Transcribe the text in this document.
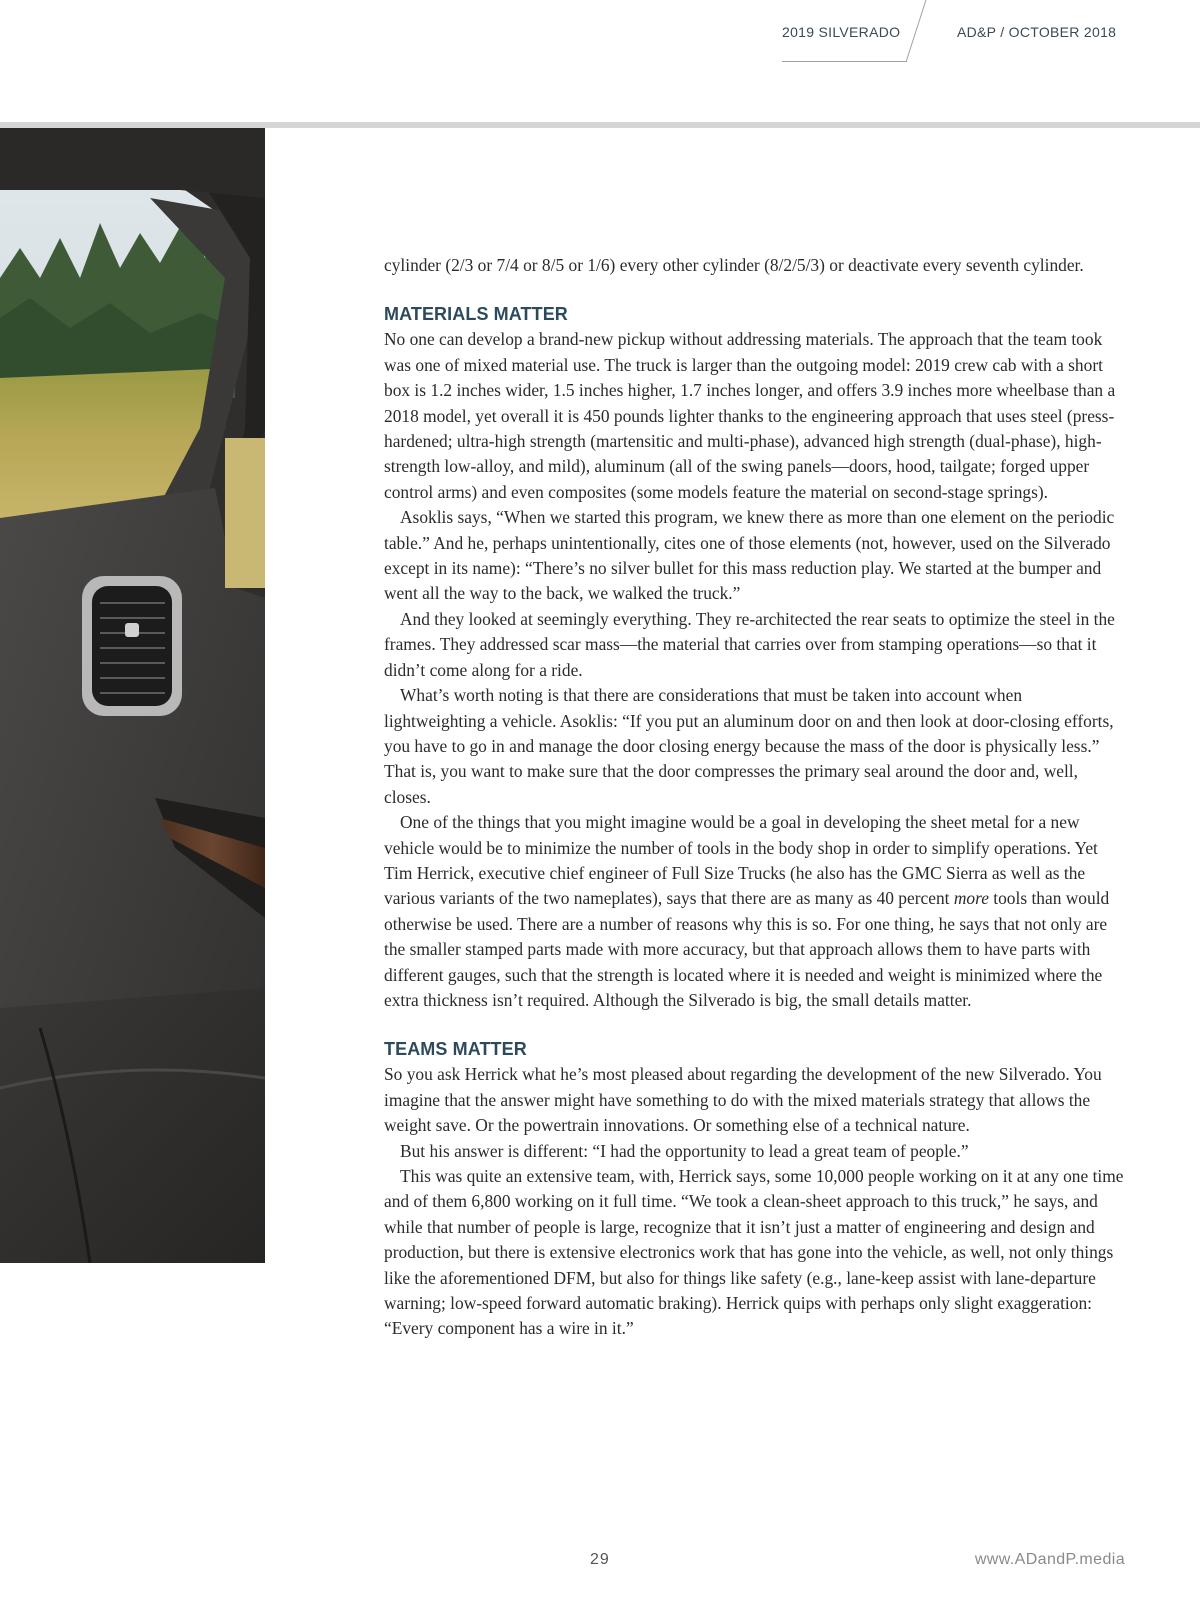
2019 SILVERADO	AD&P / OCTOBER 2018

cylinder (2/3 or 7/4 or 8/5 or 1/6) every other cylinder (8/2/5/3) or deactivate every seventh cylinder.

MATERIALS MATTER

No one can develop a brand-new pickup without addressing materials. The approach that the team took was one of mixed material use. The truck is larger than the outgoing model: 2019 crew cab with a short box is 1.2 inches wider, 1.5 inches higher, 1.7 inches longer, and offers 3.9 inches more wheelbase than a 2018 model, yet overall it is 450 pounds lighter thanks to the engineering approach that uses steel (press-hardened; ultra-high strength (martensitic and multi-phase), advanced high strength (dual-phase), high-strength low-alloy, and mild), aluminum (all of the swing panels—doors, hood, tailgate; forged upper control arms) and even composites (some models feature the material on second-stage springs).

Asoklis says, “When we started this program, we knew there as more than one element on the periodic table.” And he, perhaps unintentionally, cites one of those elements (not, however, used on the Silverado except in its name): “There’s no silver bullet for this mass reduction play. We started at the bumper and went all the way to the back, we walked the truck.”

And they looked at seemingly everything. They re-architected the rear seats to optimize the steel in the frames. They addressed scar mass—the material that carries over from stamping operations—so that it didn’t come along for a ride.

What’s worth noting is that there are considerations that must be taken into account when lightweighting a vehicle. Asoklis: “If you put an aluminum door on and then look at door-closing efforts, you have to go in and manage the door closing energy because the mass of the door is physically less.” That is, you want to make sure that the door compresses the primary seal around the door and, well, closes.

One of the things that you might imagine would be a goal in developing the sheet metal for a new vehicle would be to minimize the number of tools in the body shop in order to simplify operations. Yet Tim Herrick, executive chief engineer of Full Size Trucks (he also has the GMC Sierra as well as the various variants of the two nameplates), says that there are as many as 40 percent more tools than would otherwise be used. There are a number of reasons why this is so. For one thing, he says that not only are the smaller stamped parts made with more accuracy, but that approach allows them to have parts with different gauges, such that the strength is located where it is needed and weight is minimized where the extra thickness isn’t required. Although the Silverado is big, the small details matter.

TEAMS MATTER

So you ask Herrick what he’s most pleased about regarding the development of the new Silverado. You imagine that the answer might have something to do with the mixed materials strategy that allows the weight save. Or the powertrain innovations. Or something else of a technical nature.

But his answer is different: “I had the opportunity to lead a great team of people.”

This was quite an extensive team, with, Herrick says, some 10,000 people working on it at any one time and of them 6,800 working on it full time. “We took a clean-sheet approach to this truck,” he says, and while that number of people is large, recognize that it isn’t just a matter of engineering and design and production, but there is extensive electronics work that has gone into the vehicle, as well, not only things like the aforementioned DFM, but also for things like safety (e.g., lane-keep assist with lane-departure warning; low-speed forward automatic braking). Herrick quips with perhaps only slight exaggeration: “Every component has a wire in it.”

29	www.ADandP.media
